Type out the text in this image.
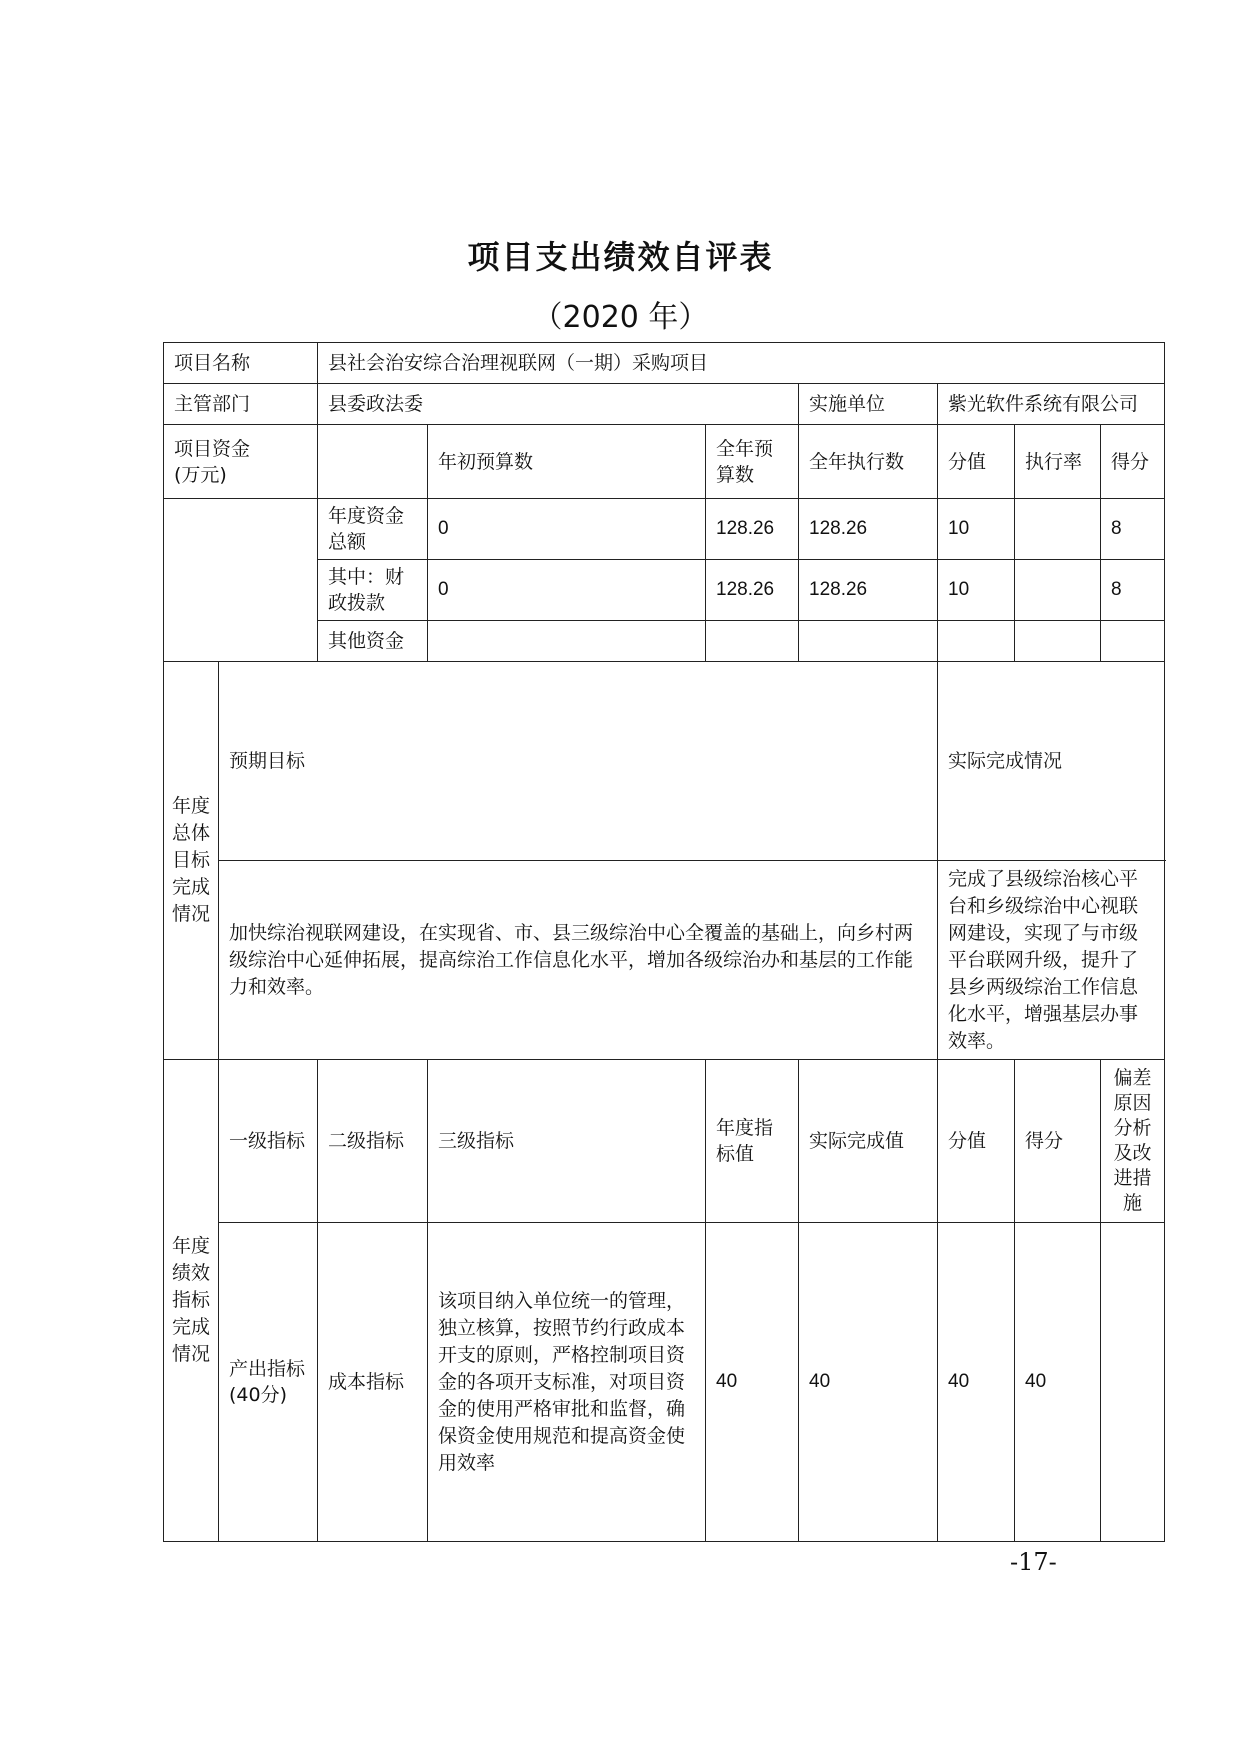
项目支出绩效自评表
（2020 年）
项目名称		县社会治安综合治理视联网（一期）采购项目						
主管部门		县委政法委			实施单位	紫光软件系统有限公司		
项目资金
(万元)			年初预算数	全年预算数	全年执行数	分值	执行率	得分
		年度资金总额	0	128.26	128.26	10		8
		其中：财政拨款	0	128.26	128.26	10		8
		其他资金						
年度总体目标完成情况	预期目标					实际完成情况		
	加快综治视联网建设，在实现省、市、县三级综治中心全覆盖的基础上，向乡村两级综治中心延伸拓展，提高综治工作信息化水平，增加各级综治办和基层的工作能力和效率。					完成了县级综治核心平台和乡级综治中心视联网建设，实现了与市级平台联网升级，提升了县乡两级综治工作信息化水平，增强基层办事效率。		
年度绩效指标完成情况	一级指标	二级指标	三级指标	年度指标值	实际完成值	分值	得分	偏差原因分析及改进措施
	产出指标(40分)	成本指标	该项目纳入单位统一的管理，独立核算，按照节约行政成本开支的原则，严格控制项目资金的各项开支标准，对项目资金的使用严格审批和监督，确保资金使用规范和提高资金使用效率	40	40	40	40	
-17-
